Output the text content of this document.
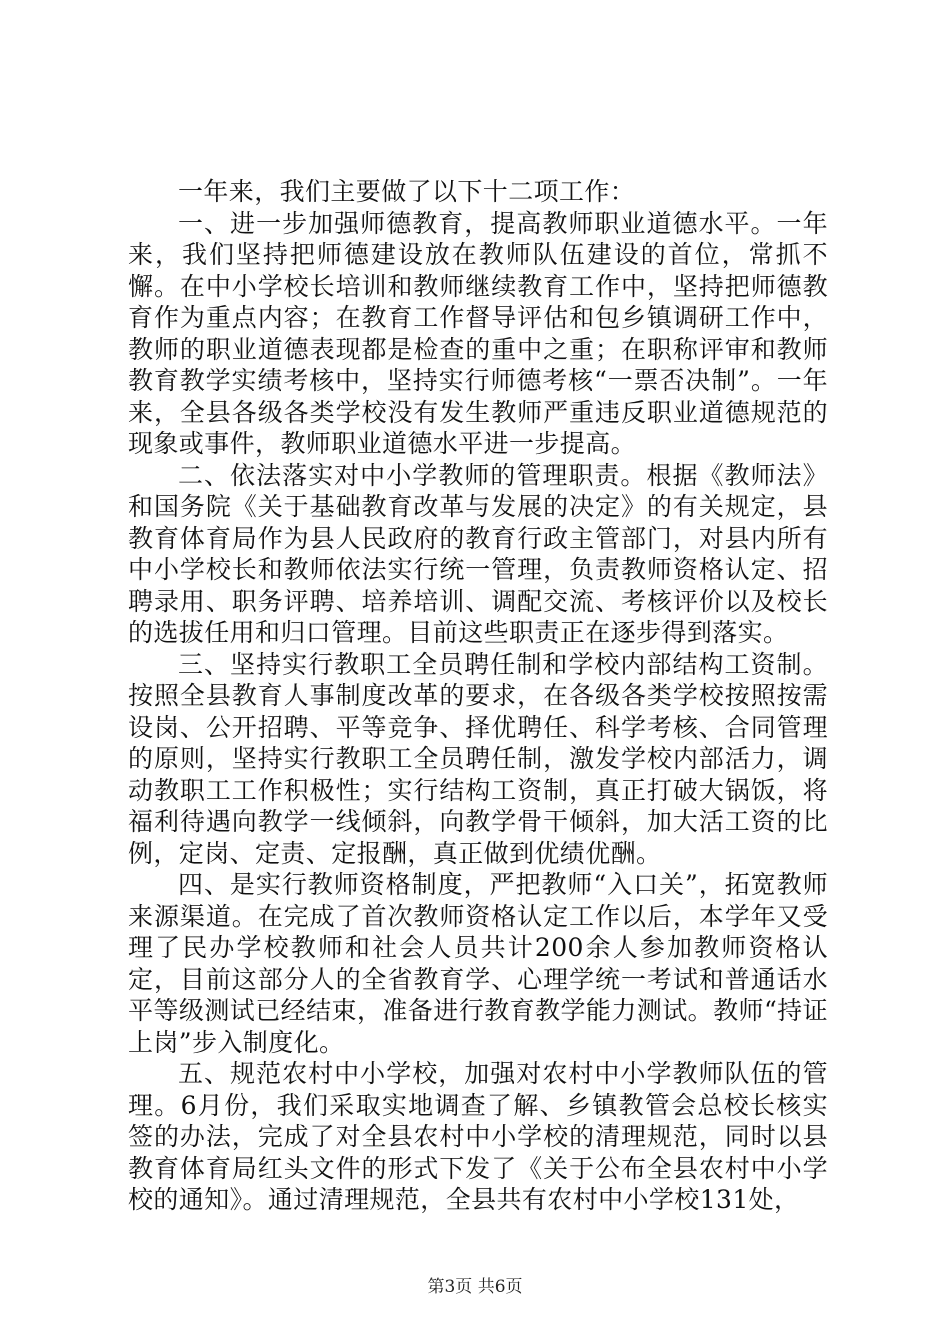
一年来，我们主要做了以下十二项工作：

一、进一步加强师德教育，提高教师职业道德水平。一年来，我们坚持把师德建设放在教师队伍建设的首位，常抓不懈。在中小学校长培训和教师继续教育工作中，坚持把师德教育作为重点内容；在教育工作督导评估和包乡镇调研工作中，教师的职业道德表现都是检查的重中之重；在职称评审和教师教育教学实绩考核中，坚持实行师德考核“一票否决制”。一年来，全县各级各类学校没有发生教师严重违反职业道德规范的现象或事件，教师职业道德水平进一步提高。

二、依法落实对中小学教师的管理职责。根据《教师法》和国务院《关于基础教育改革与发展的决定》的有关规定，县教育体育局作为县人民政府的教育行政主管部门，对县内所有中小学校长和教师依法实行统一管理，负责教师资格认定、招聘录用、职务评聘、培养培训、调配交流、考核评价以及校长的选拔任用和归口管理。目前这些职责正在逐步得到落实。

三、坚持实行教职工全员聘任制和学校内部结构工资制。按照全县教育人事制度改革的要求，在各级各类学校按照按需设岗、公开招聘、平等竞争、择优聘任、科学考核、合同管理的原则，坚持实行教职工全员聘任制，激发学校内部活力，调动教职工工作积极性；实行结构工资制，真正打破大锅饭，将福利待遇向教学一线倾斜，向教学骨干倾斜，加大活工资的比例，定岗、定责、定报酬，真正做到优绩优酬。

四、是实行教师资格制度，严把教师“入口关”，拓宽教师来源渠道。在完成了首次教师资格认定工作以后，本学年又受理了民办学校教师和社会人员共计200余人参加教师资格认定，目前这部分人的全省教育学、心理学统一考试和普通话水平等级测试已经结束，准备进行教育教学能力测试。教师“持证上岗”步入制度化。

五、规范农村中小学校，加强对农村中小学教师队伍的管理。6月份，我们采取实地调查了解、乡镇教管会总校长核实签的办法，完成了对全县农村中小学校的清理规范，同时以县教育体育局红头文件的形式下发了《关于公布全县农村中小学校的通知》。通过清理规范，全县共有农村中小学校131处，

第3页 共6页
